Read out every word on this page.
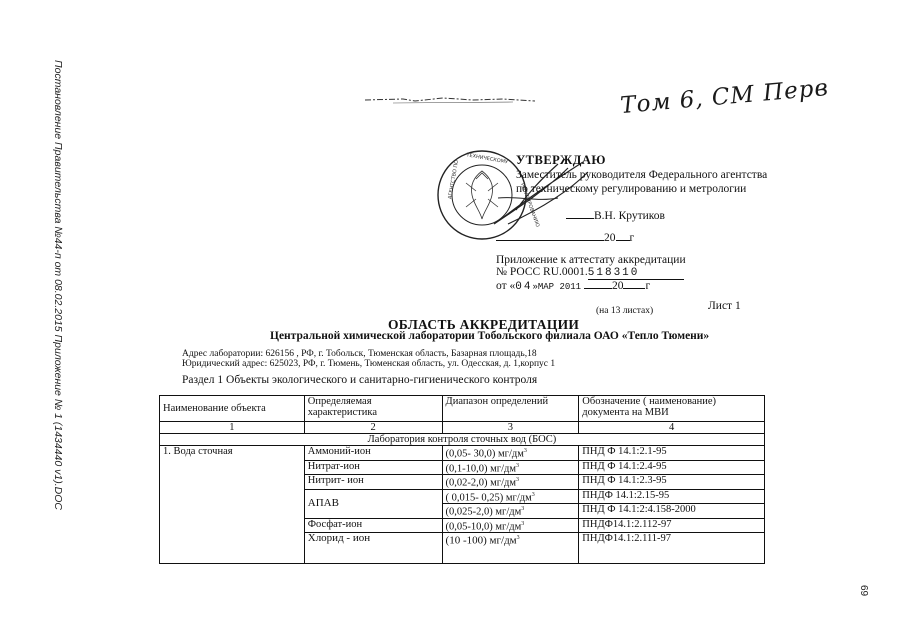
Постановление Правительства №44-п от 08.02.2015 Приложение № 1 (1434440 v1).DOC
69
Том 6, СМ Перв
АГЕНТСТВО ПО
ТЕХНИЧЕСКОМУ
РЕГУЛИРОВАНИЮ
УТВЕРЖДАЮ
Заместитель руководителя Федерального агентства
по техническому регулированию и метрологии
В.Н. Крутиков
20 г
Приложение к аттестату аккредитации
№ РОСС RU.0001.518310
от «04»МАР 2011	20 г
(на 13 листах)	Лист 1
ОБЛАСТЬ АККРЕДИТАЦИИ
Центральной химической лаборатории Тобольского филиала ОАО «Тепло Тюмени»
Адрес лаборатории: 626156 , РФ, г. Тобольск, Тюменская область, Базарная площадь,18
Юридический адрес: 625023, РФ, г. Тюмень, Тюменская область, ул. Одесская, д. 1,корпус 1
Раздел 1 Объекты экологического и санитарно-гигиенического контроля
Наименование объекта	Определяемая характеристика	Диапазон определений	Обозначение ( наименование) документа на МВИ
1	2	3	4
Лаборатория контроля сточных вод (БОС)			
1. Вода сточная	Аммоний-ион	(0,05- 30,0) $мг/дм^3$	ПНД Ф 14.1:2.1-95
	Нитрат-ион	(0,1-10,0) $мг/дм^3$	ПНД Ф 14.1:2.4-95
	Нитрит- ион	(0,02-2,0) $мг/дм^3$	ПНД Ф 14.1:2.3-95
	АПАВ	( 0,015- 0,25) $мг/дм^3$	ПНДФ 14.1:2.15-95
		(0,025-2,0) $мг/дм^3$	ПНД Ф 14.1:2:4.158-2000
	Фосфат-ион	(0,05-10,0) $мг/дм^3$	ПНДФ14.1:2.112-97
	Хлорид - ион	(10 -100) $мг/дм^3$	ПНДФ14.1:2.111-97
